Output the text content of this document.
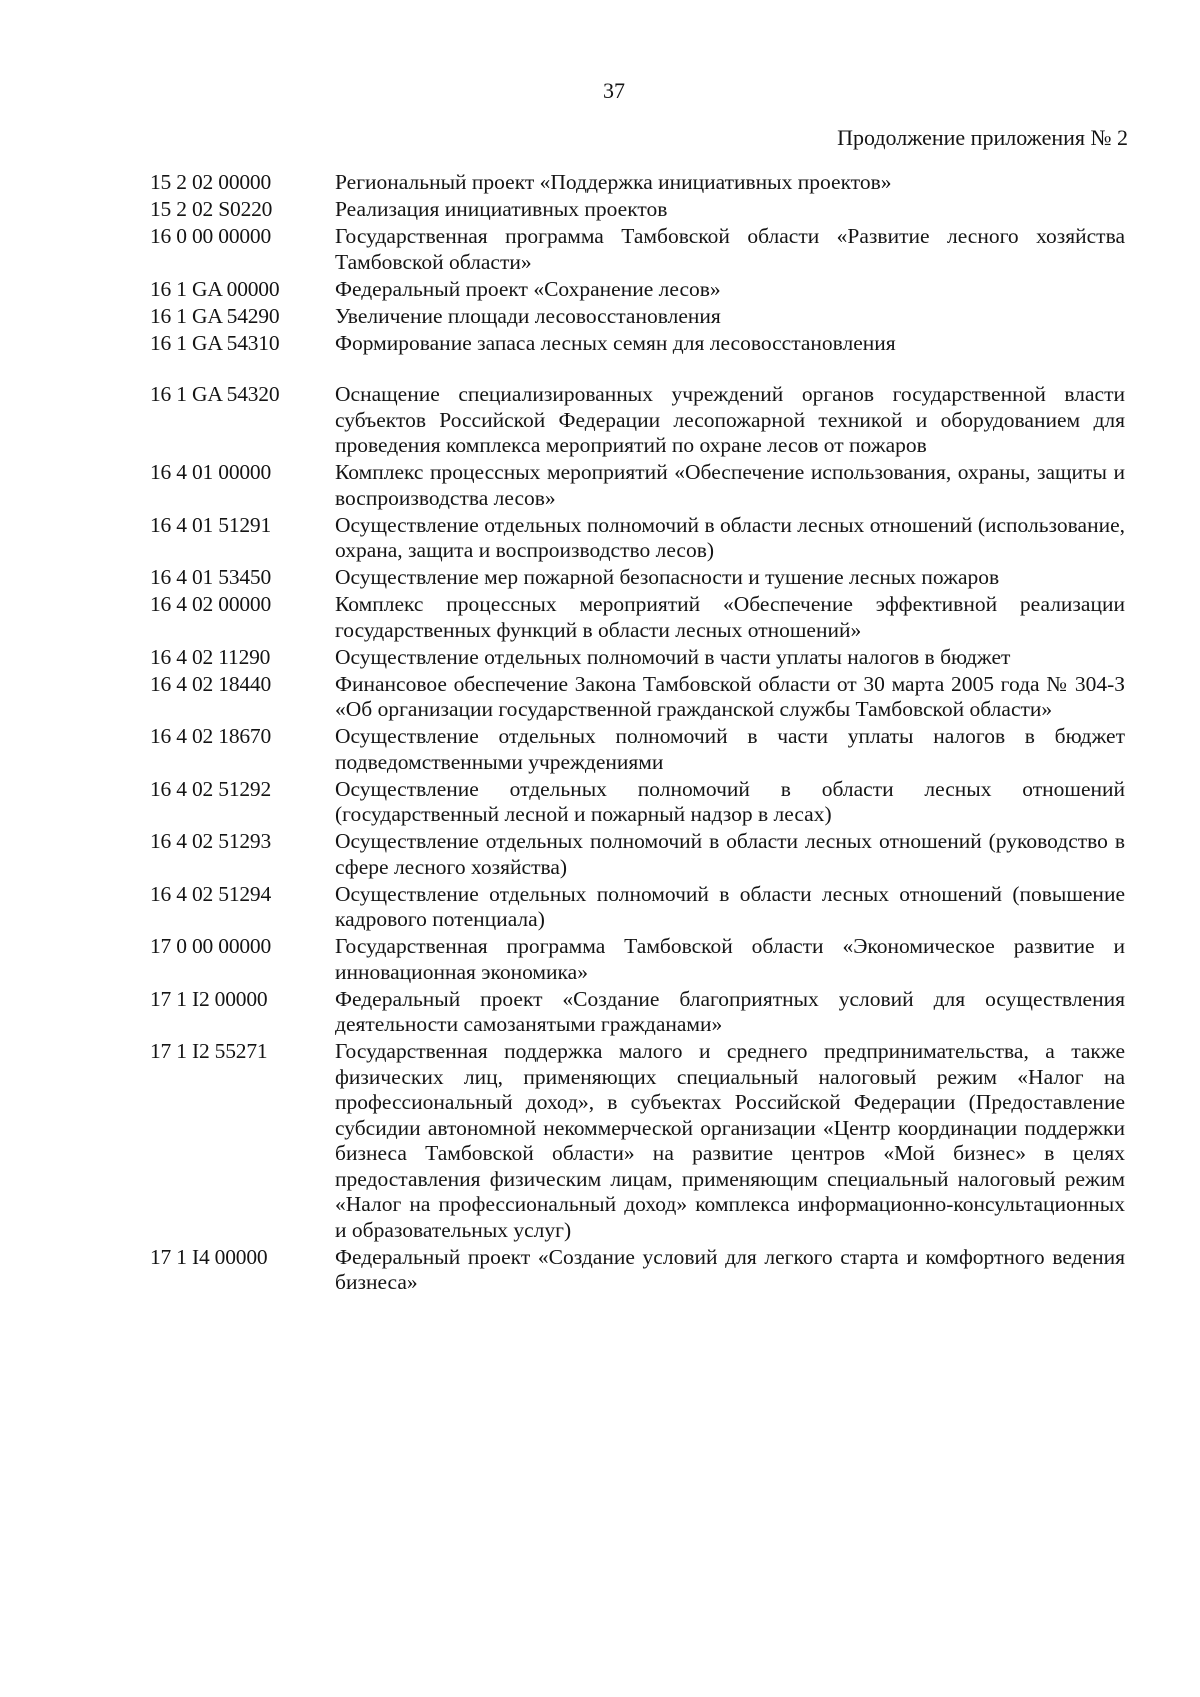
37
Продолжение приложения № 2
15 2 02 00000	Региональный проект «Поддержка инициативных проектов»
15 2 02 S0220	Реализация инициативных проектов
16 0 00 00000	Государственная программа Тамбовской области «Развитие лесного хозяйства Тамбовской области»
16 1 GA 00000	Федеральный проект «Сохранение лесов»
16 1 GA 54290	Увеличение площади лесовосстановления
16 1 GA 54310	Формирование запаса лесных семян для лесовосстановления
16 1 GA 54320	Оснащение специализированных учреждений органов государственной власти субъектов Российской Федерации лесопожарной техникой и оборудованием для проведения комплекса мероприятий по охране лесов от пожаров
16 4 01 00000	Комплекс процессных мероприятий «Обеспечение использования, охраны, защиты и воспроизводства лесов»
16 4 01 51291	Осуществление отдельных полномочий в области лесных отношений (использование, охрана, защита и воспроизводство лесов)
16 4 01 53450	Осуществление мер пожарной безопасности и тушение лесных пожаров
16 4 02 00000	Комплекс процессных мероприятий «Обеспечение эффективной реализации государственных функций в области лесных отношений»
16 4 02 11290	Осуществление отдельных полномочий в части уплаты налогов в бюджет
16 4 02 18440	Финансовое обеспечение Закона Тамбовской области от 30 марта 2005 года № 304-З «Об организации государственной гражданской службы Тамбовской области»
16 4 02 18670	Осуществление отдельных полномочий в части уплаты налогов в бюджет подведомственными учреждениями
16 4 02 51292	Осуществление отдельных полномочий в области лесных отношений (государственный лесной и пожарный надзор в лесах)
16 4 02 51293	Осуществление отдельных полномочий в области лесных отношений (руководство в сфере лесного хозяйства)
16 4 02 51294	Осуществление отдельных полномочий в области лесных отношений (повышение кадрового потенциала)
17 0 00 00000	Государственная программа Тамбовской области «Экономическое развитие и инновационная экономика»
17 1 I2 00000	Федеральный проект «Создание благоприятных условий для осуществления деятельности самозанятыми гражданами»
17 1 I2 55271	Государственная поддержка малого и среднего предпринимательства, а также физических лиц, применяющих специальный налоговый режим «Налог на профессиональный доход», в субъектах Российской Федерации (Предоставление субсидии автономной некоммерческой организации «Центр координации поддержки бизнеса Тамбовской области» на развитие центров «Мой бизнес» в целях предоставления физическим лицам, применяющим специальный налоговый режим «Налог на профессиональный доход» комплекса информационно-консультационных и образовательных услуг)
17 1 I4 00000	Федеральный проект «Создание условий для легкого старта и комфортного ведения бизнеса»
